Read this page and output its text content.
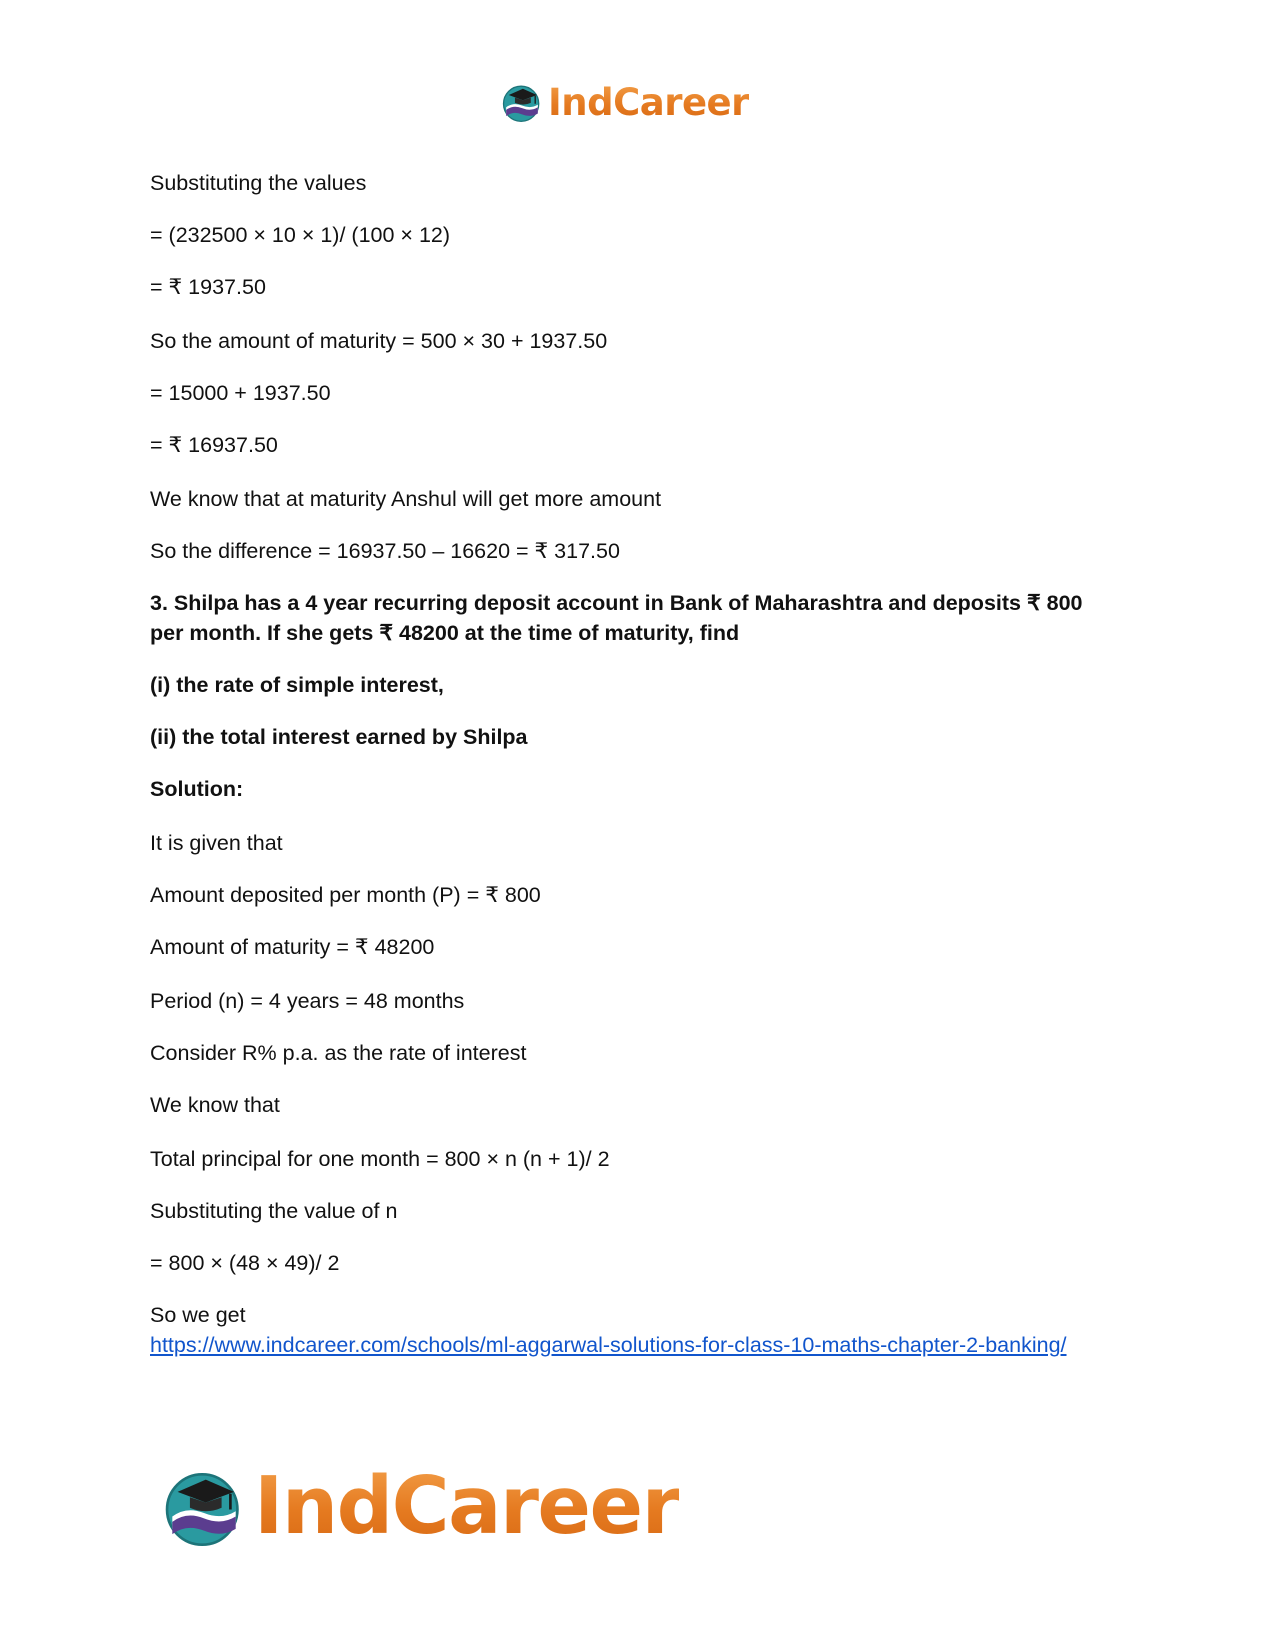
IndCareer
Substituting the values
= (232500 × 10 × 1)/ (100 × 12)
= ₹ 1937.50
So the amount of maturity = 500 × 30 + 1937.50
= 15000 + 1937.50
= ₹ 16937.50
We know that at maturity Anshul will get more amount
So the difference = 16937.50 – 16620 = ₹ 317.50
3. Shilpa has a 4 year recurring deposit account in Bank of Maharashtra and deposits ₹ 800 per month. If she gets ₹ 48200 at the time of maturity, find
(i) the rate of simple interest,
(ii) the total interest earned by Shilpa
Solution:
It is given that
Amount deposited per month (P) = ₹ 800
Amount of maturity = ₹ 48200
Period (n) = 4 years = 48 months
Consider R% p.a. as the rate of interest
We know that
Total principal for one month = 800 × n (n + 1)/ 2
Substituting the value of n
= 800 × (48 × 49)/ 2
So we get
https://www.indcareer.com/schools/ml-aggarwal-solutions-for-class-10-maths-chapter-2-banking/
IndCareer
